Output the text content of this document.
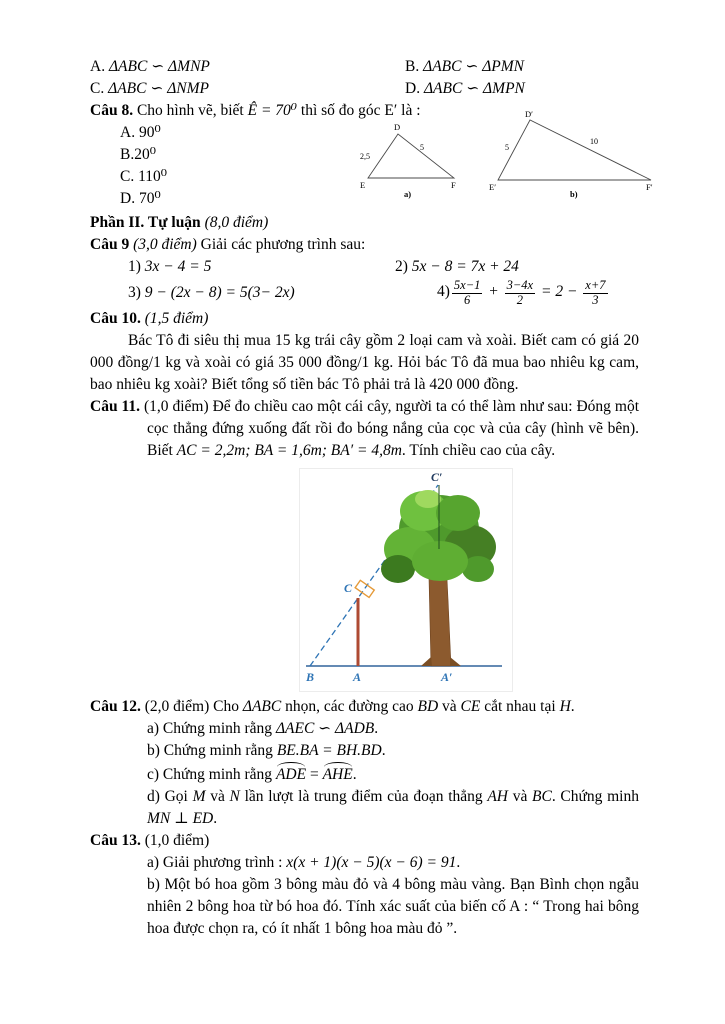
A. ΔABC ∽ ΔMNP	B. ΔABC ∽ ΔPMN
C. ΔABC ∽ ΔNMP	D. ΔABC ∽ ΔMPN

Câu 8. Cho hình vẽ, biết Ê = 70⁰ thì số đo góc E′ là :

A. 90⁰

B.20⁰

C. 110⁰

D. 70⁰

D
E	F
2,5
5
a)
D′
E′	F′
5
10
b)

Phần II. Tự luận (8,0 điểm)

Câu 9 (3,0 điểm) Giải các phương trình sau:

1) 3x − 4 = 5	2) 5x − 8 = 7x + 24
3) 9 − (2x − 8) = 5(3− 2x)	$4) \frac{5x-1}{6} + \frac{3-4x}{2} = 2 - \frac{x+7}{3}$

Câu 10. (1,5 điểm)

Bác Tô đi siêu thị mua 15 kg trái cây gồm 2 loại cam và xoài. Biết cam có giá 20 000 đồng/1 kg và xoài có giá 35 000 đồng/1 kg. Hỏi bác Tô đã mua bao nhiêu kg cam, bao nhiêu kg xoài? Biết tổng số tiền bác Tô phải trả là 420 000 đồng.

Câu 11. (1,0 điểm) Để đo chiều cao một cái cây, người ta có thể làm như sau: Đóng một cọc thẳng đứng xuống đất rồi đo bóng nắng của cọc và của cây (hình vẽ bên). Biết AC = 2,2m; BA = 1,6m; BA′ = 4,8m. Tính chiều cao của cây.

C′
C
B	A	A′

Câu 12. (2,0 điểm) Cho ΔABC nhọn, các đường cao BD và CE cắt nhau tại H.

a) Chứng minh rằng ΔAEC ∽ ΔADB.

b) Chứng minh rằng BE.BA = BH.BD.

c) Chứng minh rằng ADE = AHE.

d) Gọi M và N lần lượt là trung điểm của đoạn thẳng AH và BC. Chứng minh MN ⊥ ED.

Câu 13. (1,0 điểm)

a) Giải phương trình : x(x + 1)(x − 5)(x − 6) = 91.

b) Một bó hoa gồm 3 bông màu đỏ và 4 bông màu vàng. Bạn Bình chọn ngẫu nhiên 2 bông hoa từ bó hoa đó. Tính xác suất của biến cố A : “ Trong hai bông hoa được chọn ra, có ít nhất 1 bông hoa màu đỏ ”.
